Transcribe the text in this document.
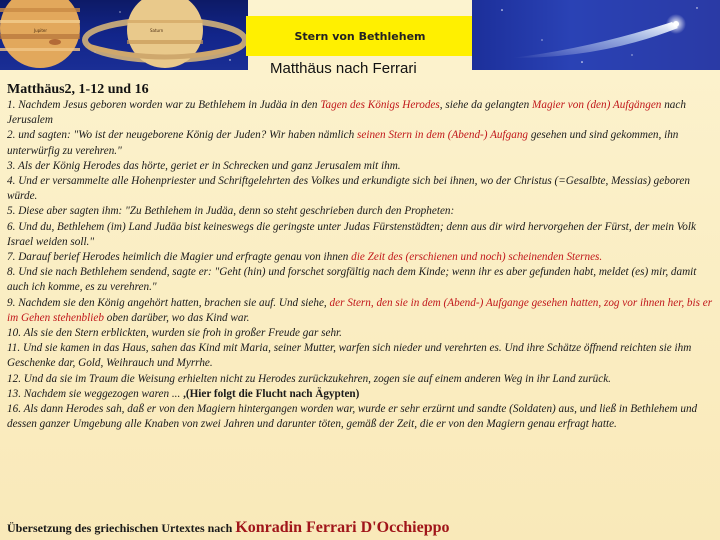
Jupiter	Saturn	Stern von Bethlehem
Matthäus nach Ferrari
Matthäus2, 1-12 und 16

1. Nachdem Jesus geboren worden war zu Bethlehem in Judäa in den Tagen des Königs Herodes, siehe da gelangten Magier von (den) Aufgängen nach Jerusalem

2. und sagten: "Wo ist der neugeborene König der Juden? Wir haben nämlich seinen Stern in dem (Abend-) Aufgang gesehen und sind gekommen, ihn unterwürfig zu verehren."

3. Als der König Herodes das hörte, geriet er in Schrecken und ganz Jerusalem mit ihm.

4. Und er versammelte alle Hohenpriester und Schriftgelehrten des Volkes und erkundigte sich bei ihnen, wo der Christus (=Gesalbte, Messias) geboren würde.

5. Diese aber sagten ihm: "Zu Bethlehem in Judäa, denn so steht geschrieben durch den Propheten:

6. Und du, Bethlehem (im) Land Judäa bist keineswegs die geringste unter Judas Fürstenstädten; denn aus dir wird hervorgehen der Fürst, der mein Volk Israel weiden soll."

7. Darauf berief Herodes heimlich die Magier und erfragte genau von ihnen die Zeit des (erschienen und noch) scheinenden Sternes.

8. Und sie nach Bethlehem sendend, sagte er: "Geht (hin) und forschet sorgfältig nach dem Kinde; wenn ihr es aber gefunden habt, meldet (es) mir, damit auch ich komme, es zu verehren."

9. Nachdem sie den König angehört hatten, brachen sie auf. Und siehe, der Stern, den sie in dem (Abend-) Aufgange gesehen hatten, zog vor ihnen her, bis er im Gehen stehenblieb oben darüber, wo das Kind war.

10. Als sie den Stern erblickten, wurden sie froh in großer Freude gar sehr.

11. Und sie kamen in das Haus, sahen das Kind mit Maria, seiner Mutter, warfen sich nieder und verehrten es. Und ihre Schätze öffnend reichten sie ihm Geschenke dar, Gold, Weihrauch und Myrrhe.

12. Und da sie im Traum die Weisung erhielten nicht zu Herodes zurückzukehren, zogen sie auf einem anderen Weg in ihr Land zurück.

13. Nachdem sie weggezogen waren ... ,(Hier folgt die Flucht nach Ägypten)

16. Als dann Herodes sah, daß er von den Magiern hintergangen worden war, wurde er sehr erzürnt und sandte (Soldaten) aus, und ließ in Bethlehem und dessen ganzer Umgebung alle Knaben von zwei Jahren und darunter töten, gemäß der Zeit, die er von den Magiern genau erfragt hatte.

Übersetzung des griechischen Urtextes nach Konradin Ferrari D'Occhieppo
